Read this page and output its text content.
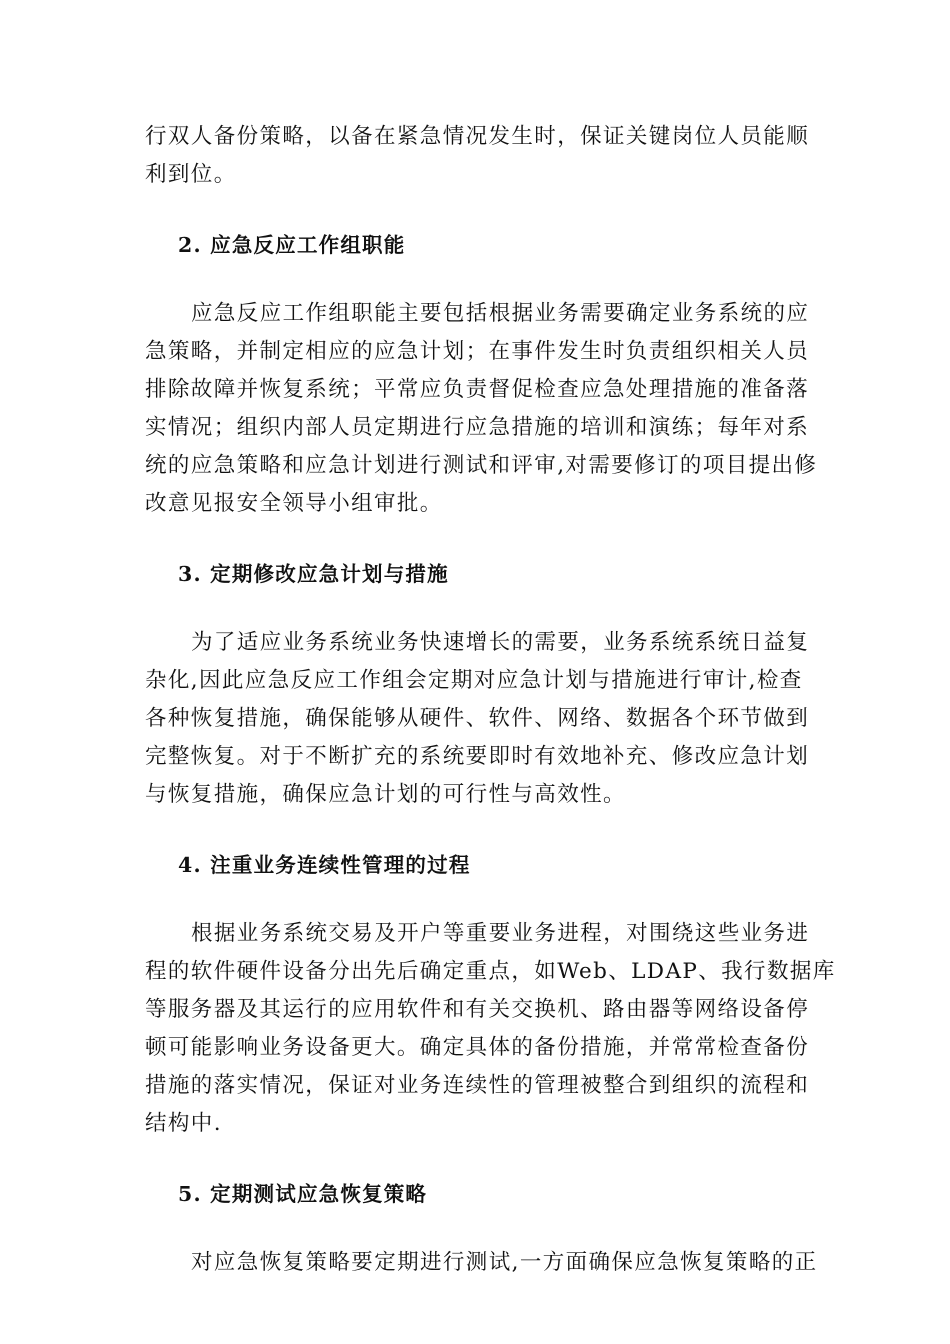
行双人备份策略，以备在紧急情况发生时，保证关键岗位人员能顺
利到位。

2. 应急反应工作组职能

应急反应工作组职能主要包括根据业务需要确定业务系统的应
急策略，并制定相应的应急计划；在事件发生时负责组织相关人员
排除故障并恢复系统；平常应负责督促检查应急处理措施的准备落
实情况；组织内部人员定期进行应急措施的培训和演练；每年对系
统的应急策略和应急计划进行测试和评审,对需要修订的项目提出修
改意见报安全领导小组审批。

3. 定期修改应急计划与措施

为了适应业务系统业务快速增长的需要，业务系统系统日益复
杂化,因此应急反应工作组会定期对应急计划与措施进行审计,检查
各种恢复措施，确保能够从硬件、软件、网络、数据各个环节做到
完整恢复。对于不断扩充的系统要即时有效地补充、修改应急计划
与恢复措施，确保应急计划的可行性与高效性。

4. 注重业务连续性管理的过程

根据业务系统交易及开户等重要业务进程，对围绕这些业务进
程的软件硬件设备分出先后确定重点，如Web、LDAP、我行数据库
等服务器及其运行的应用软件和有关交换机、路由器等网络设备停
顿可能影响业务设备更大。确定具体的备份措施，并常常检查备份
措施的落实情况，保证对业务连续性的管理被整合到组织的流程和
结构中.

5. 定期测试应急恢复策略

对应急恢复策略要定期进行测试,一方面确保应急恢复策略的正
